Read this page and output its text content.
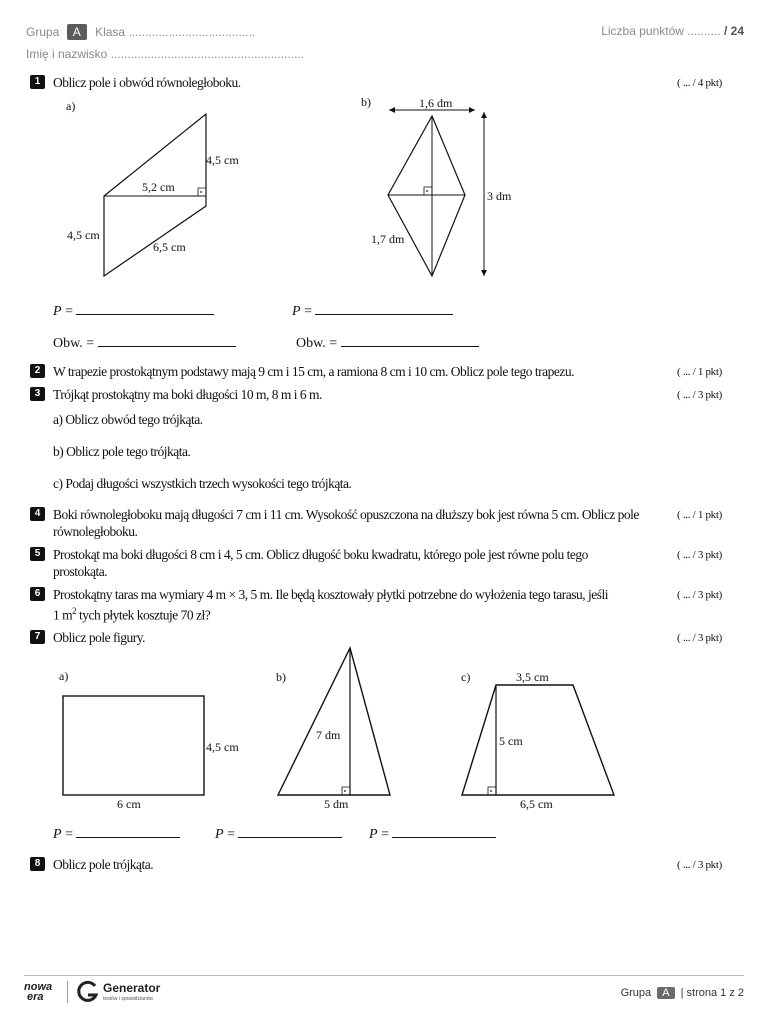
Grupa A Klasa ......................................	Liczba punktów .......... / 24
Imię i nazwisko ..........................................................
1 Oblicz pole i obwód równoległoboku.	( ... / 4 pkt)
a)
4,5 cm
5,2 cm
4,5 cm
6,5 cm
b)	1,6 dm
3 dm
1,7 dm
P =	P =
Obw. =	Obw. =
2 W trapezie prostokątnym podstawy mają 9 cm i 15 cm, a ramiona 8 cm i 10 cm. Oblicz pole tego trapezu.	( ... / 1 pkt)
3 Trójkąt prostokątny ma boki długości 10 m, 8 m i 6 m.	( ... / 3 pkt)
a) Oblicz obwód tego trójkąta.
b) Oblicz pole tego trójkąta.
c) Podaj długości wszystkich trzech wysokości tego trójkąta.
4 Boki równoległoboku mają długości 7 cm i 11 cm. Wysokość opuszczona na dłuższy bok jest równa 5 cm. Oblicz pole równoległoboku.
( ... / 1 pkt)
5 Prostokąt ma boki długości 8 cm i 4, 5 cm. Oblicz długość boku kwadratu, którego pole jest równe polu tego prostokąta.
( ... / 3 pkt)
6 Prostokątny taras ma wymiary 4 m × 3, 5 m. Ile będą kosztowały płytki potrzebne do wyłożenia tego tarasu, jeśli
1 $m^2$ tych płytek kosztuje 70 zł?
( ... / 3 pkt)
7 Oblicz pole figury.	( ... / 3 pkt)
a)
4,5 cm
6 cm
b)
7 dm
5 dm
c)	3,5 cm
5 cm
6,5 cm
P =	P =	P =
8 Oblicz pole trójkąta.	( ... / 3 pkt)
nowa
era
Generator
testów i sprawdzianów	Grupa A | strona 1 z 2
